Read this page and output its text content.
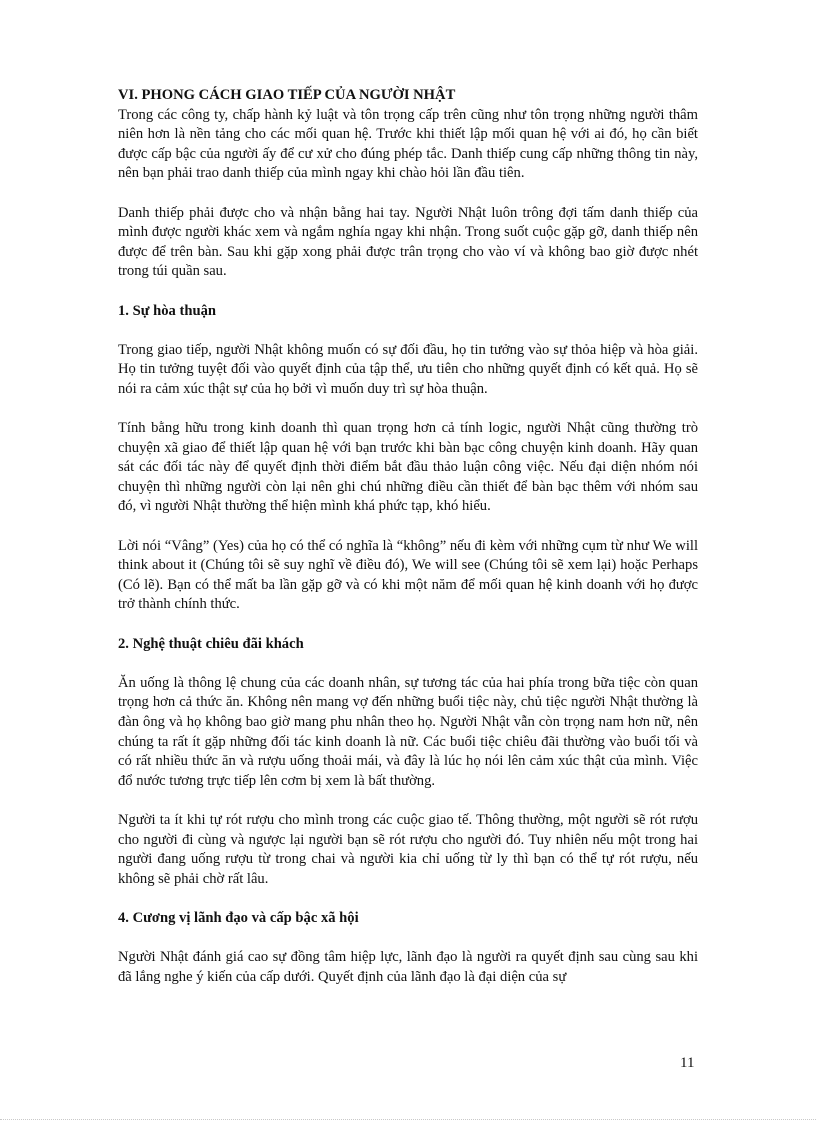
VI. PHONG CÁCH GIAO TIẾP CỦA NGƯỜI NHẬT

Trong các công ty, chấp hành kỷ luật và tôn trọng cấp trên cũng như tôn trọng những người thâm niên hơn là nền tảng cho các mối quan hệ. Trước khi thiết lập mối quan hệ với ai đó, họ cần biết được cấp bậc của người ấy để cư xử cho đúng phép tắc. Danh thiếp cung cấp những thông tin này, nên bạn phải trao danh thiếp của mình ngay khi chào hỏi lần đầu tiên.

Danh thiếp phải được cho và nhận bằng hai tay. Người Nhật luôn trông đợi tấm danh thiếp của mình được người khác xem và ngắm nghía ngay khi nhận. Trong suốt cuộc gặp gỡ, danh thiếp nên được để trên bàn. Sau khi gặp xong phải được trân trọng cho vào ví và không bao giờ được nhét trong túi quần sau.

1. Sự hòa thuận

Trong giao tiếp, người Nhật không muốn có sự đối đầu, họ tin tưởng vào sự thỏa hiệp và hòa giải. Họ tin tưởng tuyệt đối vào quyết định của tập thể, ưu tiên cho những quyết định có kết quả. Họ sẽ nói ra cảm xúc thật sự của họ bởi vì muốn duy trì sự hòa thuận.

Tính bằng hữu trong kinh doanh thì quan trọng hơn cả tính logic, người Nhật cũng thường trò chuyện xã giao để thiết lập quan hệ với bạn trước khi bàn bạc công chuyện kinh doanh. Hãy quan sát các đối tác này để quyết định thời điểm bắt đầu thảo luận công việc. Nếu đại diện nhóm nói chuyện thì những người còn lại nên ghi chú những điều cần thiết để bàn bạc thêm với nhóm sau đó, vì người Nhật thường thể hiện mình khá phức tạp, khó hiểu.

Lời nói “Vâng” (Yes) của họ có thể có nghĩa là “không” nếu đi kèm với những cụm từ như We will think about it (Chúng tôi sẽ suy nghĩ về điều đó), We will see (Chúng tôi sẽ xem lại) hoặc Perhaps (Có lẽ). Bạn có thể mất ba lần gặp gỡ và có khi một năm để mối quan hệ kinh doanh với họ được trở thành chính thức.

2. Nghệ thuật chiêu đãi khách

Ăn uống là thông lệ chung của các doanh nhân, sự tương tác của hai phía trong bữa tiệc còn quan trọng hơn cả thức ăn. Không nên mang vợ đến những buổi tiệc này, chủ tiệc người Nhật thường là đàn ông và họ không bao giờ mang phu nhân theo họ. Người Nhật vẫn còn trọng nam hơn nữ, nên chúng ta rất ít gặp những đối tác kinh doanh là nữ. Các buổi tiệc chiêu đãi thường vào buổi tối và có rất nhiều thức ăn và rượu uống thoải mái, và đây là lúc họ nói lên cảm xúc thật của mình. Việc đổ nước tương trực tiếp lên cơm bị xem là bất thường.

Người ta ít khi tự rót rượu cho mình trong các cuộc giao tế. Thông thường, một người sẽ rót rượu cho người đi cùng và ngược lại người bạn sẽ rót rượu cho người đó. Tuy nhiên nếu một trong hai người đang uống rượu từ trong chai và người kia chỉ uống từ ly thì bạn có thể tự rót rượu, nếu không sẽ phải chờ rất lâu.

4. Cương vị lãnh đạo và cấp bậc xã hội

Người Nhật đánh giá cao sự đồng tâm hiệp lực, lãnh đạo là người ra quyết định sau cùng sau khi đã lắng nghe ý kiến của cấp dưới. Quyết định của lãnh đạo là đại diện của sự

11
